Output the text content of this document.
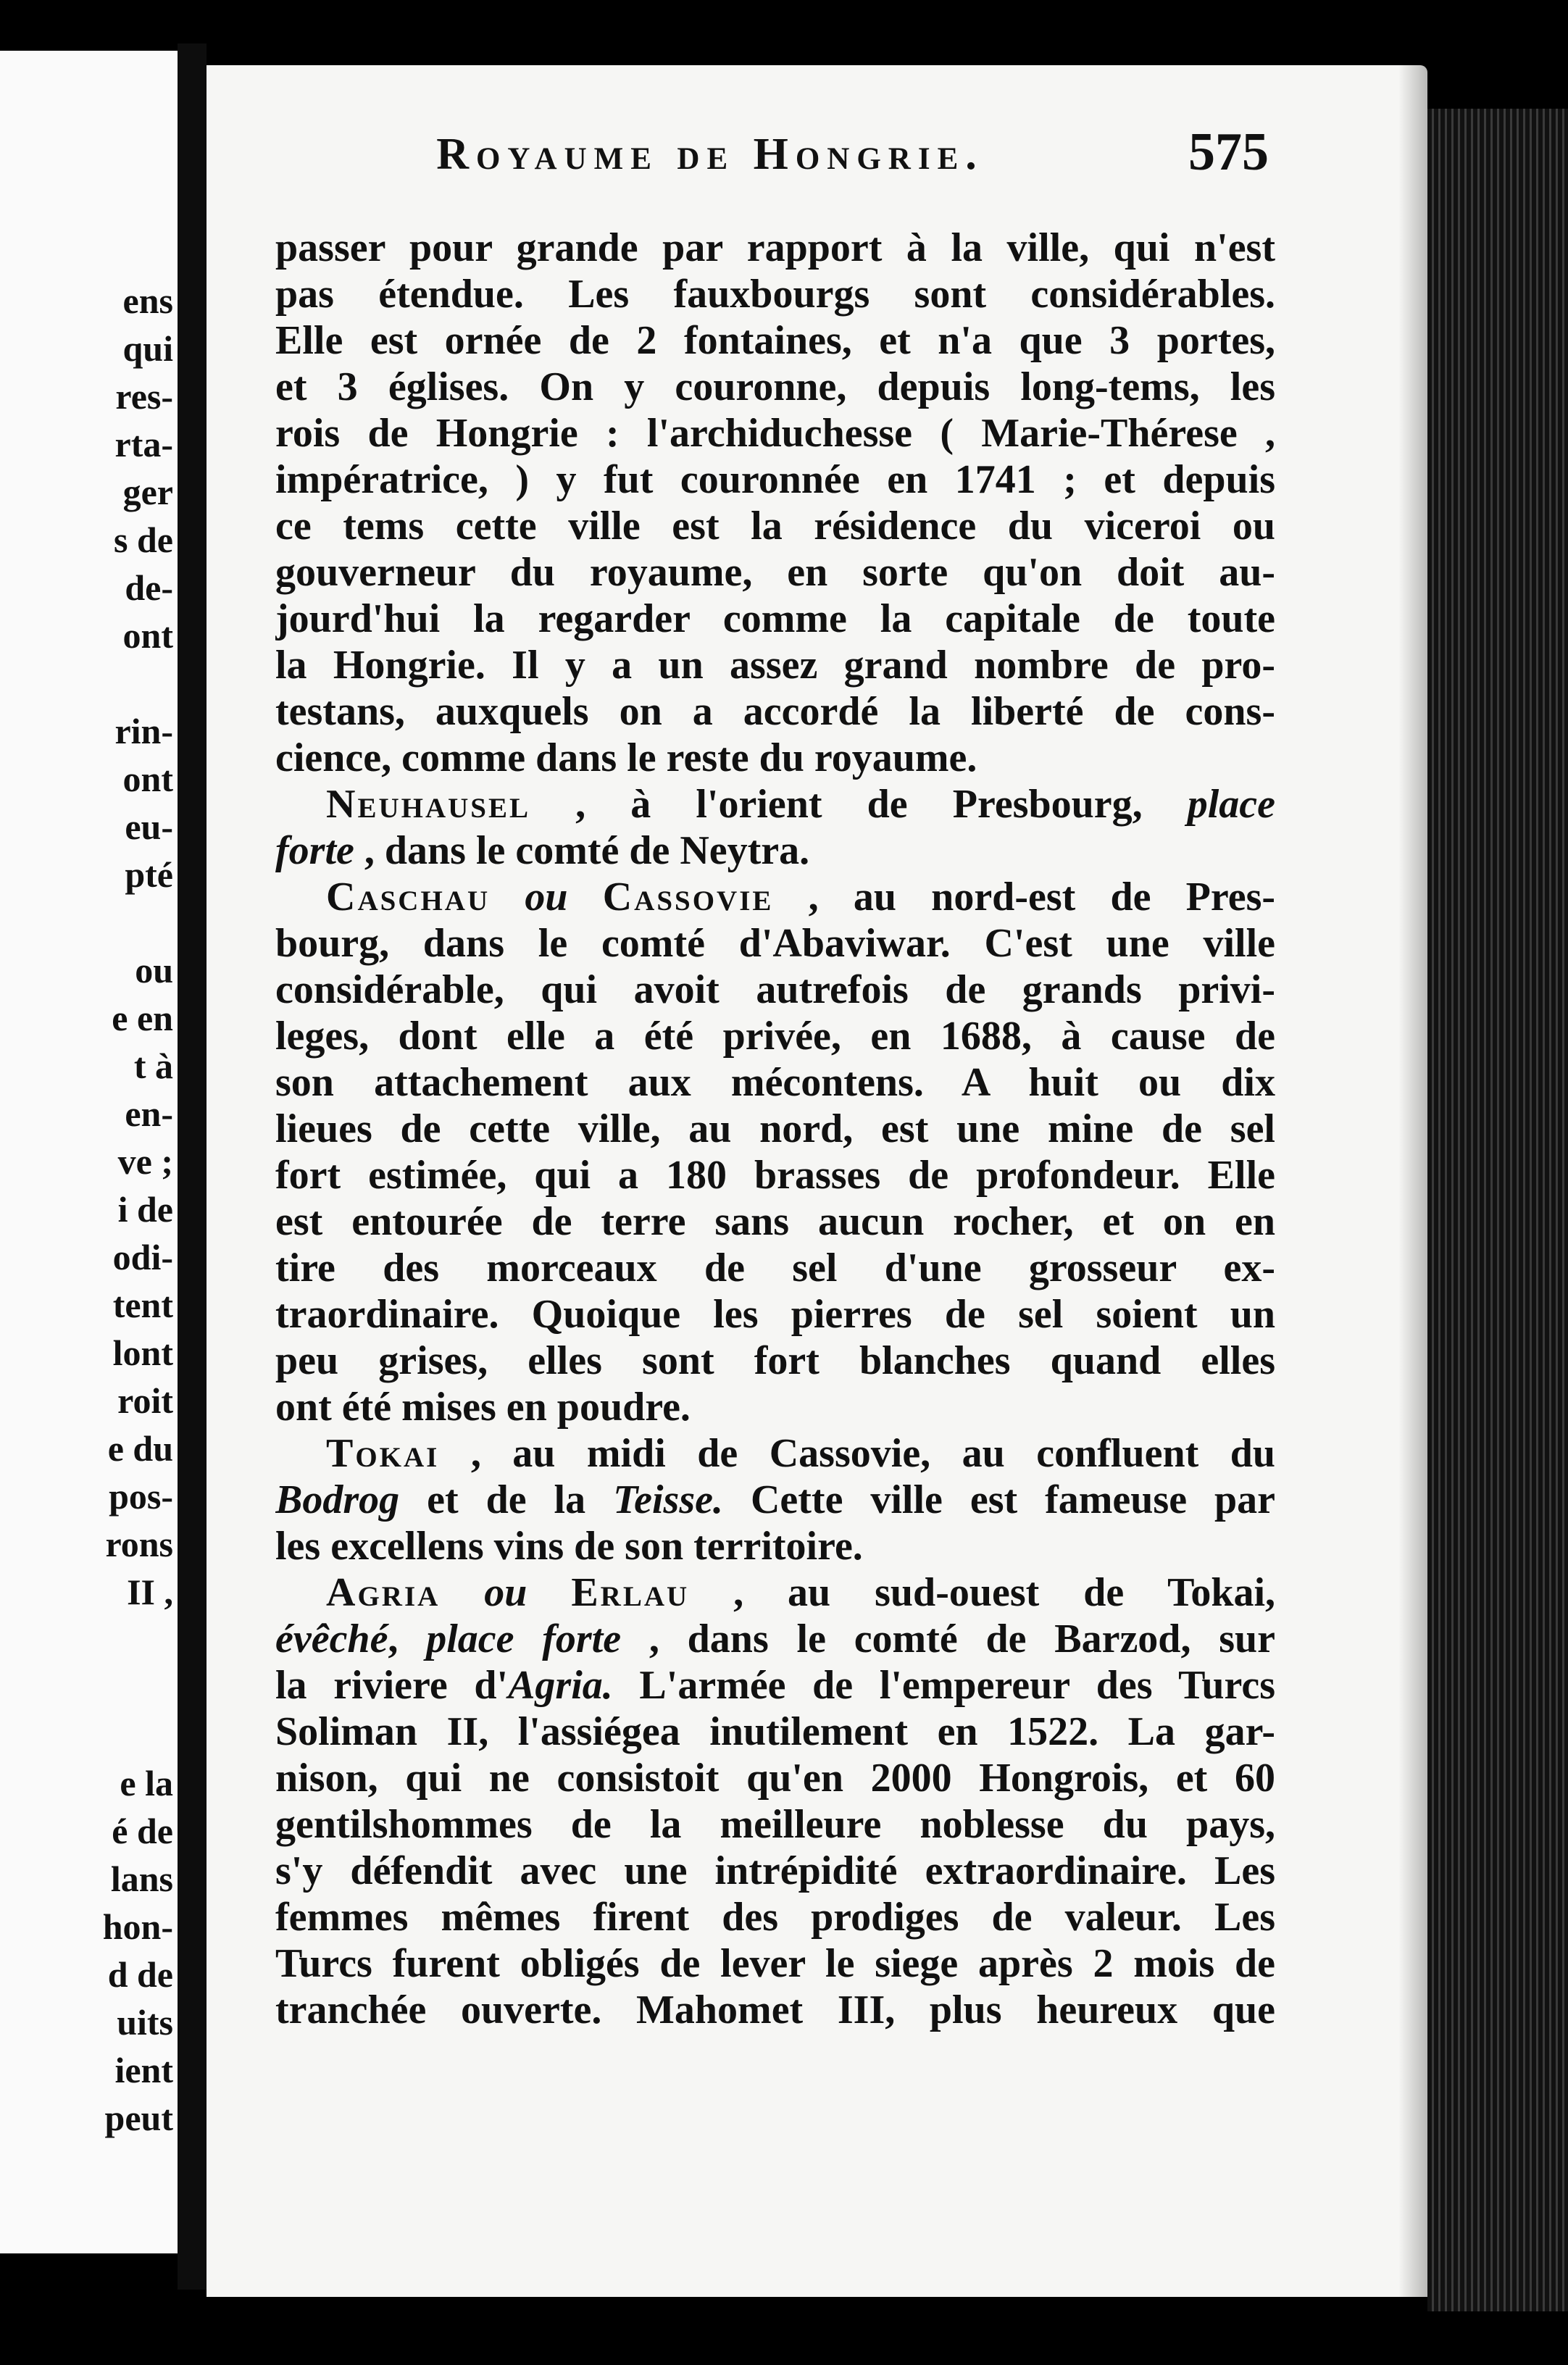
ens
qui
res-
rta-
ger
s de
de-
ont
rin-
ont
eu-
pté
ou
e en
t à
en-
ve ;
i de
odi-
tent
lont
roit
e du
pos-
rons
II ,
e la
é de
lans
hon-
d de
uits
ient
peut
Royaume de Hongrie.	575
passer pour grande par rapport à la ville, qui n'est
pas étendue. Les fauxbourgs sont considérables.
Elle est ornée de 2 fontaines, et n'a que 3 portes,
et 3 églises. On y couronne, depuis long-tems, les
rois de Hongrie : l'archiduchesse ( Marie-Thérese ,
impératrice, ) y fut couronnée en 1741 ; et depuis
ce tems cette ville est la résidence du viceroi ou
gouverneur du royaume, en sorte qu'on doit au-
jourd'hui la regarder comme la capitale de toute
la Hongrie. Il y a un assez grand nombre de pro-
testans, auxquels on a accordé la liberté de cons-
cience, comme dans le reste du royaume.
Neuhausel , à l'orient de Presbourg, place
forte , dans le comté de Neytra.
Caschau ou Cassovie , au nord-est de Pres-
bourg, dans le comté d'Abaviwar. C'est une ville
considérable, qui avoit autrefois de grands privi-
leges, dont elle a été privée, en 1688, à cause de
son attachement aux mécontens. A huit ou dix
lieues de cette ville, au nord, est une mine de sel
fort estimée, qui a 180 brasses de profondeur. Elle
est entourée de terre sans aucun rocher, et on en
tire des morceaux de sel d'une grosseur ex-
traordinaire. Quoique les pierres de sel soient un
peu grises, elles sont fort blanches quand elles
ont été mises en poudre.
Tokai , au midi de Cassovie, au confluent du
Bodrog et de la Teisse. Cette ville est fameuse par
les excellens vins de son territoire.
Agria ou Erlau , au sud-ouest de Tokai,
évêché, place forte , dans le comté de Barzod, sur
la riviere d'Agria. L'armée de l'empereur des Turcs
Soliman II, l'assiégea inutilement en 1522. La gar-
nison, qui ne consistoit qu'en 2000 Hongrois, et 60
gentilshommes de la meilleure noblesse du pays,
s'y défendit avec une intrépidité extraordinaire. Les
femmes mêmes firent des prodiges de valeur. Les
Turcs furent obligés de lever le siege après 2 mois de
tranchée ouverte. Mahomet III, plus heureux que
